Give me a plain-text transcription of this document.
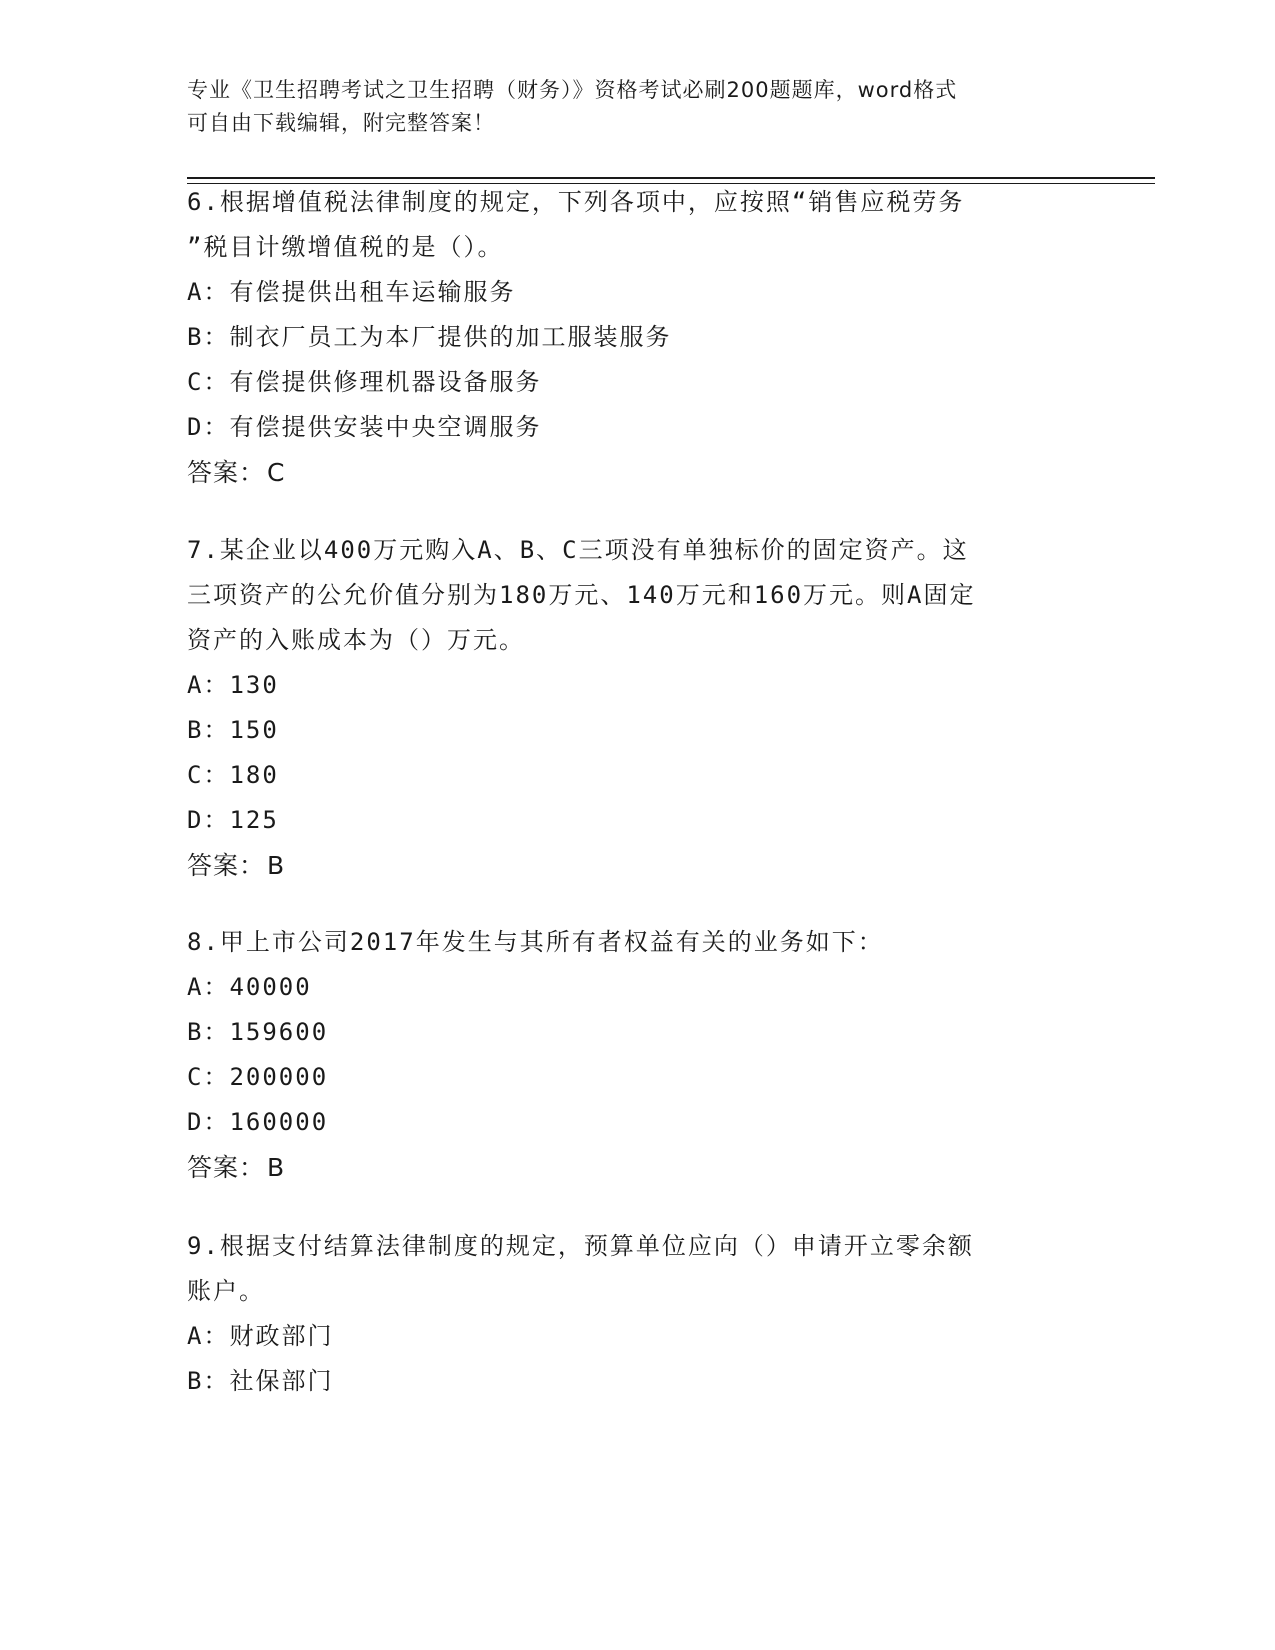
专业《卫生招聘考试之卫生招聘（财务）》资格考试必刷200题题库，word格式
可自由下载编辑，附完整答案！
6.根据增值税法律制度的规定，下列各项中，应按照“销售应税劳务
”税目计缴增值税的是（）。
A：有偿提供出租车运输服务
B：制衣厂员工为本厂提供的加工服装服务
C：有偿提供修理机器设备服务
D：有偿提供安装中央空调服务
答案：C
7.某企业以400万元购入A、B、C三项没有单独标价的固定资产。这
三项资产的公允价值分别为180万元、140万元和160万元。则A固定
资产的入账成本为（）万元。
A：130
B：150
C：180
D：125
答案：B
8.甲上市公司2017年发生与其所有者权益有关的业务如下：
A：40000
B：159600
C：200000
D：160000
答案：B
9.根据支付结算法律制度的规定，预算单位应向（）申请开立零余额
账户。
A：财政部门
B：社保部门
